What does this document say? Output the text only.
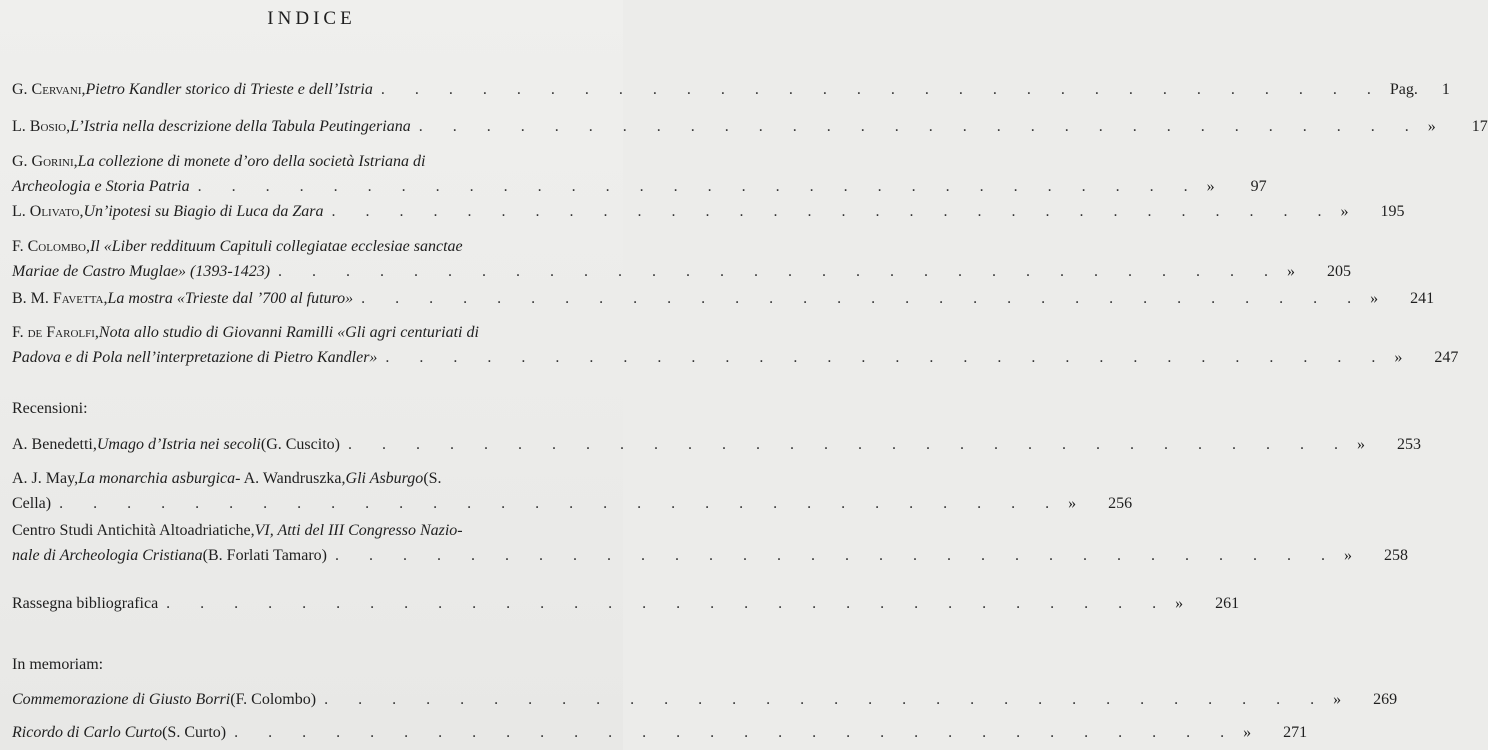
INDICE
G. Cervani , Pietro Kandler storico di Trieste e dell’Istria . . . . . . . . . . . . . . . . . . . . . . . . . . . . . . Pag. 1
L. Bosio , L’Istria nella descrizione della Tabula Peutingeriana . . . . . . . . . . . . . . . . . . . . . . . . . . . . . . » 17
G. Gorini , La collezione di monete d’oro della società Istriana di
Archeologia e Storia Patria . . . . . . . . . . . . . . . . . . . . . . . . . . . . . . » 97
L. Olivato , Un’ipotesi su Biagio di Luca da Zara . . . . . . . . . . . . . . . . . . . . . . . . . . . . . . » 195
F. Colombo , Il «Liber reddituum Capituli collegiatae ecclesiae sanctae
Mariae de Castro Muglae» (1393-1423) . . . . . . . . . . . . . . . . . . . . . . . . . . . . . . » 205
B. M. Favetta , La mostra «Trieste dal ’700 al futuro» . . . . . . . . . . . . . . . . . . . . . . . . . . . . . . » 241
F. de Farolfi , Nota allo studio di Giovanni Ramilli «Gli agri centuriati di
Padova e di Pola nell’interpretazione di Pietro Kandler» . . . . . . . . . . . . . . . . . . . . . . . . . . . . . . » 247
Recensioni:
A. Benedetti, Umago d’Istria nei secoli (G. Cuscito) . . . . . . . . . . . . . . . . . . . . . . . . . . . . . . » 253
A. J. May, La monarchia asburgica - A. Wandruszka, Gli Asburgo (S.
Cella) . . . . . . . . . . . . . . . . . . . . . . . . . . . . . . » 256
Centro Studi Antichità Altoadriatiche, VI, Atti del III Congresso Nazio-
nale di Archeologia Cristiana (B. Forlati Tamaro) . . . . . . . . . . . . . . . . . . . . . . . . . . . . . . » 258
Rassegna bibliografica . . . . . . . . . . . . . . . . . . . . . . . . . . . . . . » 261
In memoriam:
Commemorazione di Giusto Borri (F. Colombo) . . . . . . . . . . . . . . . . . . . . . . . . . . . . . . » 269
Ricordo di Carlo Curto (S. Curto) . . . . . . . . . . . . . . . . . . . . . . . . . . . . . . » 271
